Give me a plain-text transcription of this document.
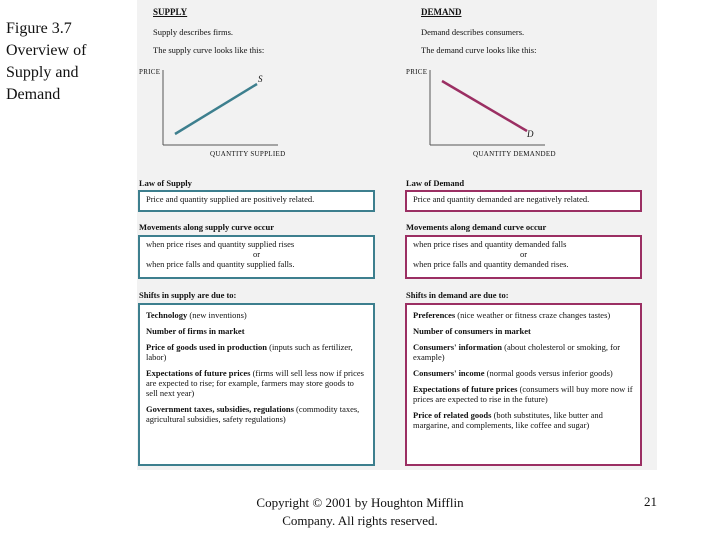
Figure 3.7
Overview of
Supply and
Demand
SUPPLY
Supply describes firms.
The supply curve looks like this:
PRICE
S
QUANTITY SUPPLIED
Law of Supply
Price and quantity supplied are positively related.
Movements along supply curve occur
when price rises and quantity supplied rises
or
when price falls and quantity supplied falls.
Shifts in supply are due to:
Technology (new inventions)
Number of firms in market
Price of goods used in production (inputs such as fertilizer, labor)
Expectations of future prices (firms will sell less now if prices are expected to rise; for example, farmers may store goods to sell next year)
Government taxes, subsidies, regulations (commodity taxes, agricultural subsidies, safety regulations)
DEMAND
Demand describes consumers.
The demand curve looks like this:
PRICE
D
QUANTITY DEMANDED
Law of Demand
Price and quantity demanded are negatively related.
Movements along demand curve occur
when price rises and quantity demanded falls
or
when price falls and quantity demanded rises.
Shifts in demand are due to:
Preferences (nice weather or fitness craze changes tastes)
Number of consumers in market
Consumers' information (about cholesterol or smoking, for example)
Consumers' income (normal goods versus inferior goods)
Expectations of future prices (consumers will buy more now if prices are expected to rise in the future)
Price of related goods (both substitutes, like butter and margarine, and complements, like coffee and sugar)
Copyright © 2001 by Houghton Mifflin Company. All rights reserved.
21
